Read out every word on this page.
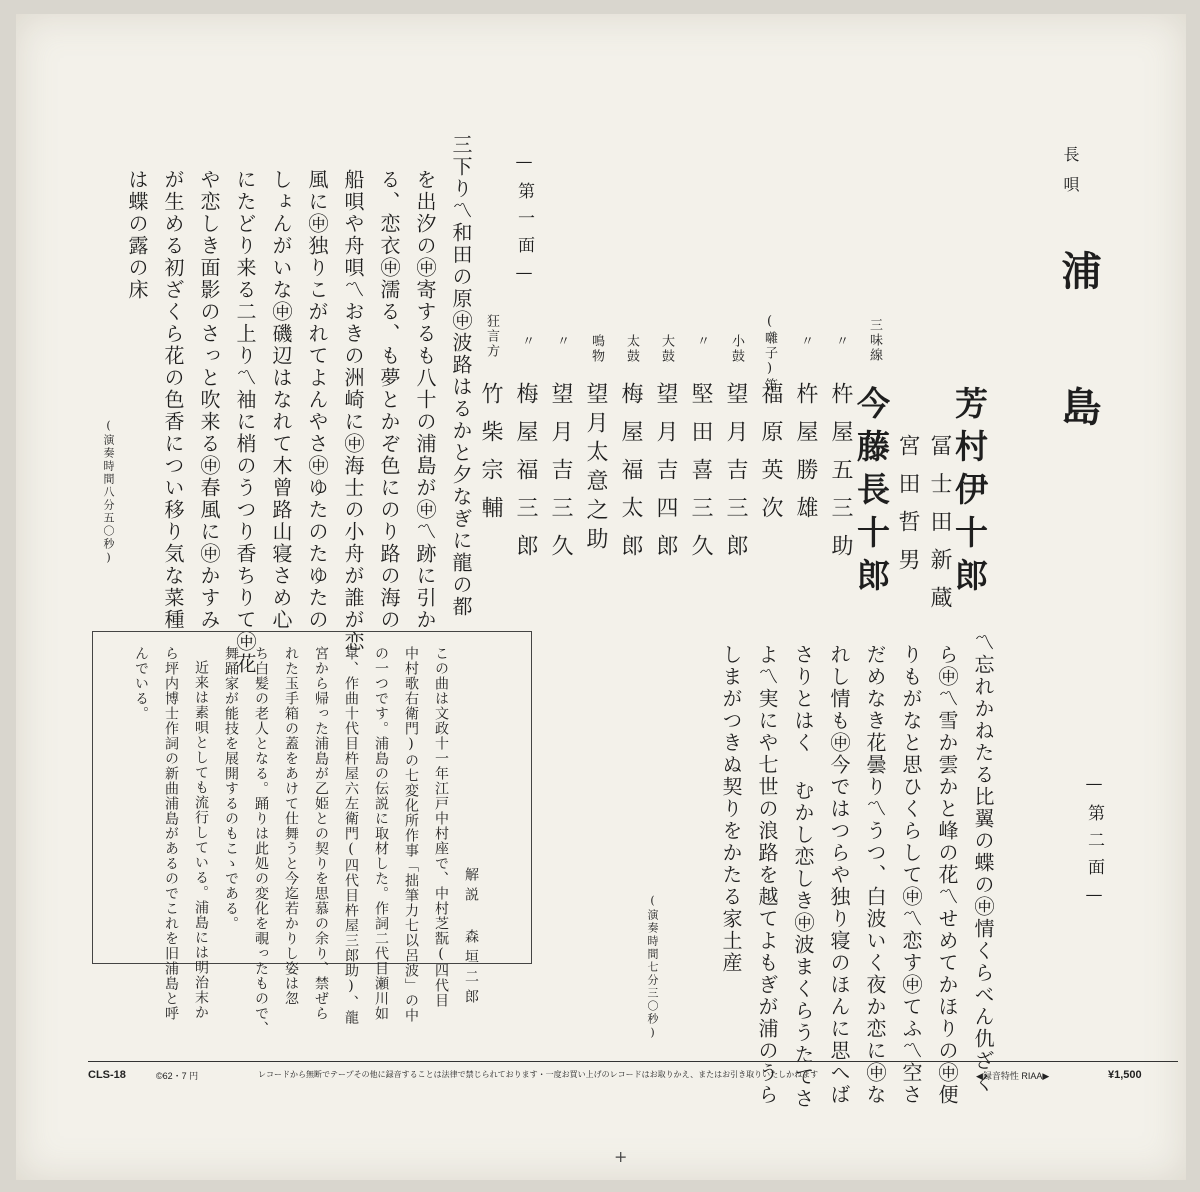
長唄
浦島
芳村伊十郎
冨士田新蔵
宮田哲男
三味線
今藤長十郎
〃
杵屋五三助
〃
杵屋勝雄
(囃子)笛
福原英次
小鼓
望月吉三郎
〃
堅田喜三久
大鼓
望月吉四郎
太鼓
梅屋福太郎
鳴物
望月太意之助
〃
望月吉三久
〃
梅屋福三郎
狂言方
竹柴宗輔
—第一面—
三下り〽和田の原㊥波路はるかと夕なぎに龍の都
を出汐の㊥寄するも八十の浦島が㊥〽跡に引か
る、恋衣㊥濡る、も夢とかぞ色にのり路の海の
船唄や舟唄〽おきの洲崎に㊥海士の小舟が誰が恋
風に㊥独りこがれてよんやさ㊥ゆたのたゆたの
しょんがいな㊥磯辺はなれて木曾路山寝さめ心
にたどり来る二上り〽袖に梢のうつり香ちりて㊥花
や恋しき面影のさっと吹来る㊥春風に㊥かすみ
が生める初ざくら花の色香につい移り気な菜種
は蝶の露の床
(演奏時間八分五〇秒)
—第二面—
〽忘れかねたる比翼の蝶の㊥情くらべん仇ざく
ら㊥〽雪か雲かと峰の花〽せめてかほりの㊥便
りもがなと思ひくらして㊥〽恋す㊥てふ〽空さ
だめなき花曇り〽うつ、白波いく夜か恋に㊥な
れし情も㊥今ではつらや独り寝のほんに思へば
さりとはく むかし恋しき㊥波まくらうたてさ
よ〽実にや七世の浪路を越てよもぎが浦のうら
しまがつきぬ契りをかたる家土産
(演奏時間七分三〇秒)
解説 森垣二郎
この曲は文政十一年江戸中村座で、中村芝翫(四代目
中村歌右衛門)の七変化所作事「拙筆力七以呂波」の中
の一つです。浦島の伝説に取材した。作詞二代目瀬川如
皐、作曲十代目杵屋六左衛門(四代目杵屋三郎助)、龍
宮から帰った浦島が乙姫との契りを思慕の余り、禁ぜら
れた玉手箱の蓋をあけて仕舞うと今迄若かりし姿は忽
ち白髪の老人となる。踊りは此処の変化を覗ったもので、
舞踊家が能技を展開するのもこゝである。
近来は素唄としても流行している。浦島には明治末か
ら坪内博士作詞の新曲浦島があるのでこれを旧浦島と呼
んでいる。
CLS-18	©62・7 円	レコードから無断でテープその他に録音することは法律で禁じられております・一度お買い上げのレコードはお取りかえ、またはお引き取りいたしかねます	◀録音特性 RIAA▶	¥1,500
+
